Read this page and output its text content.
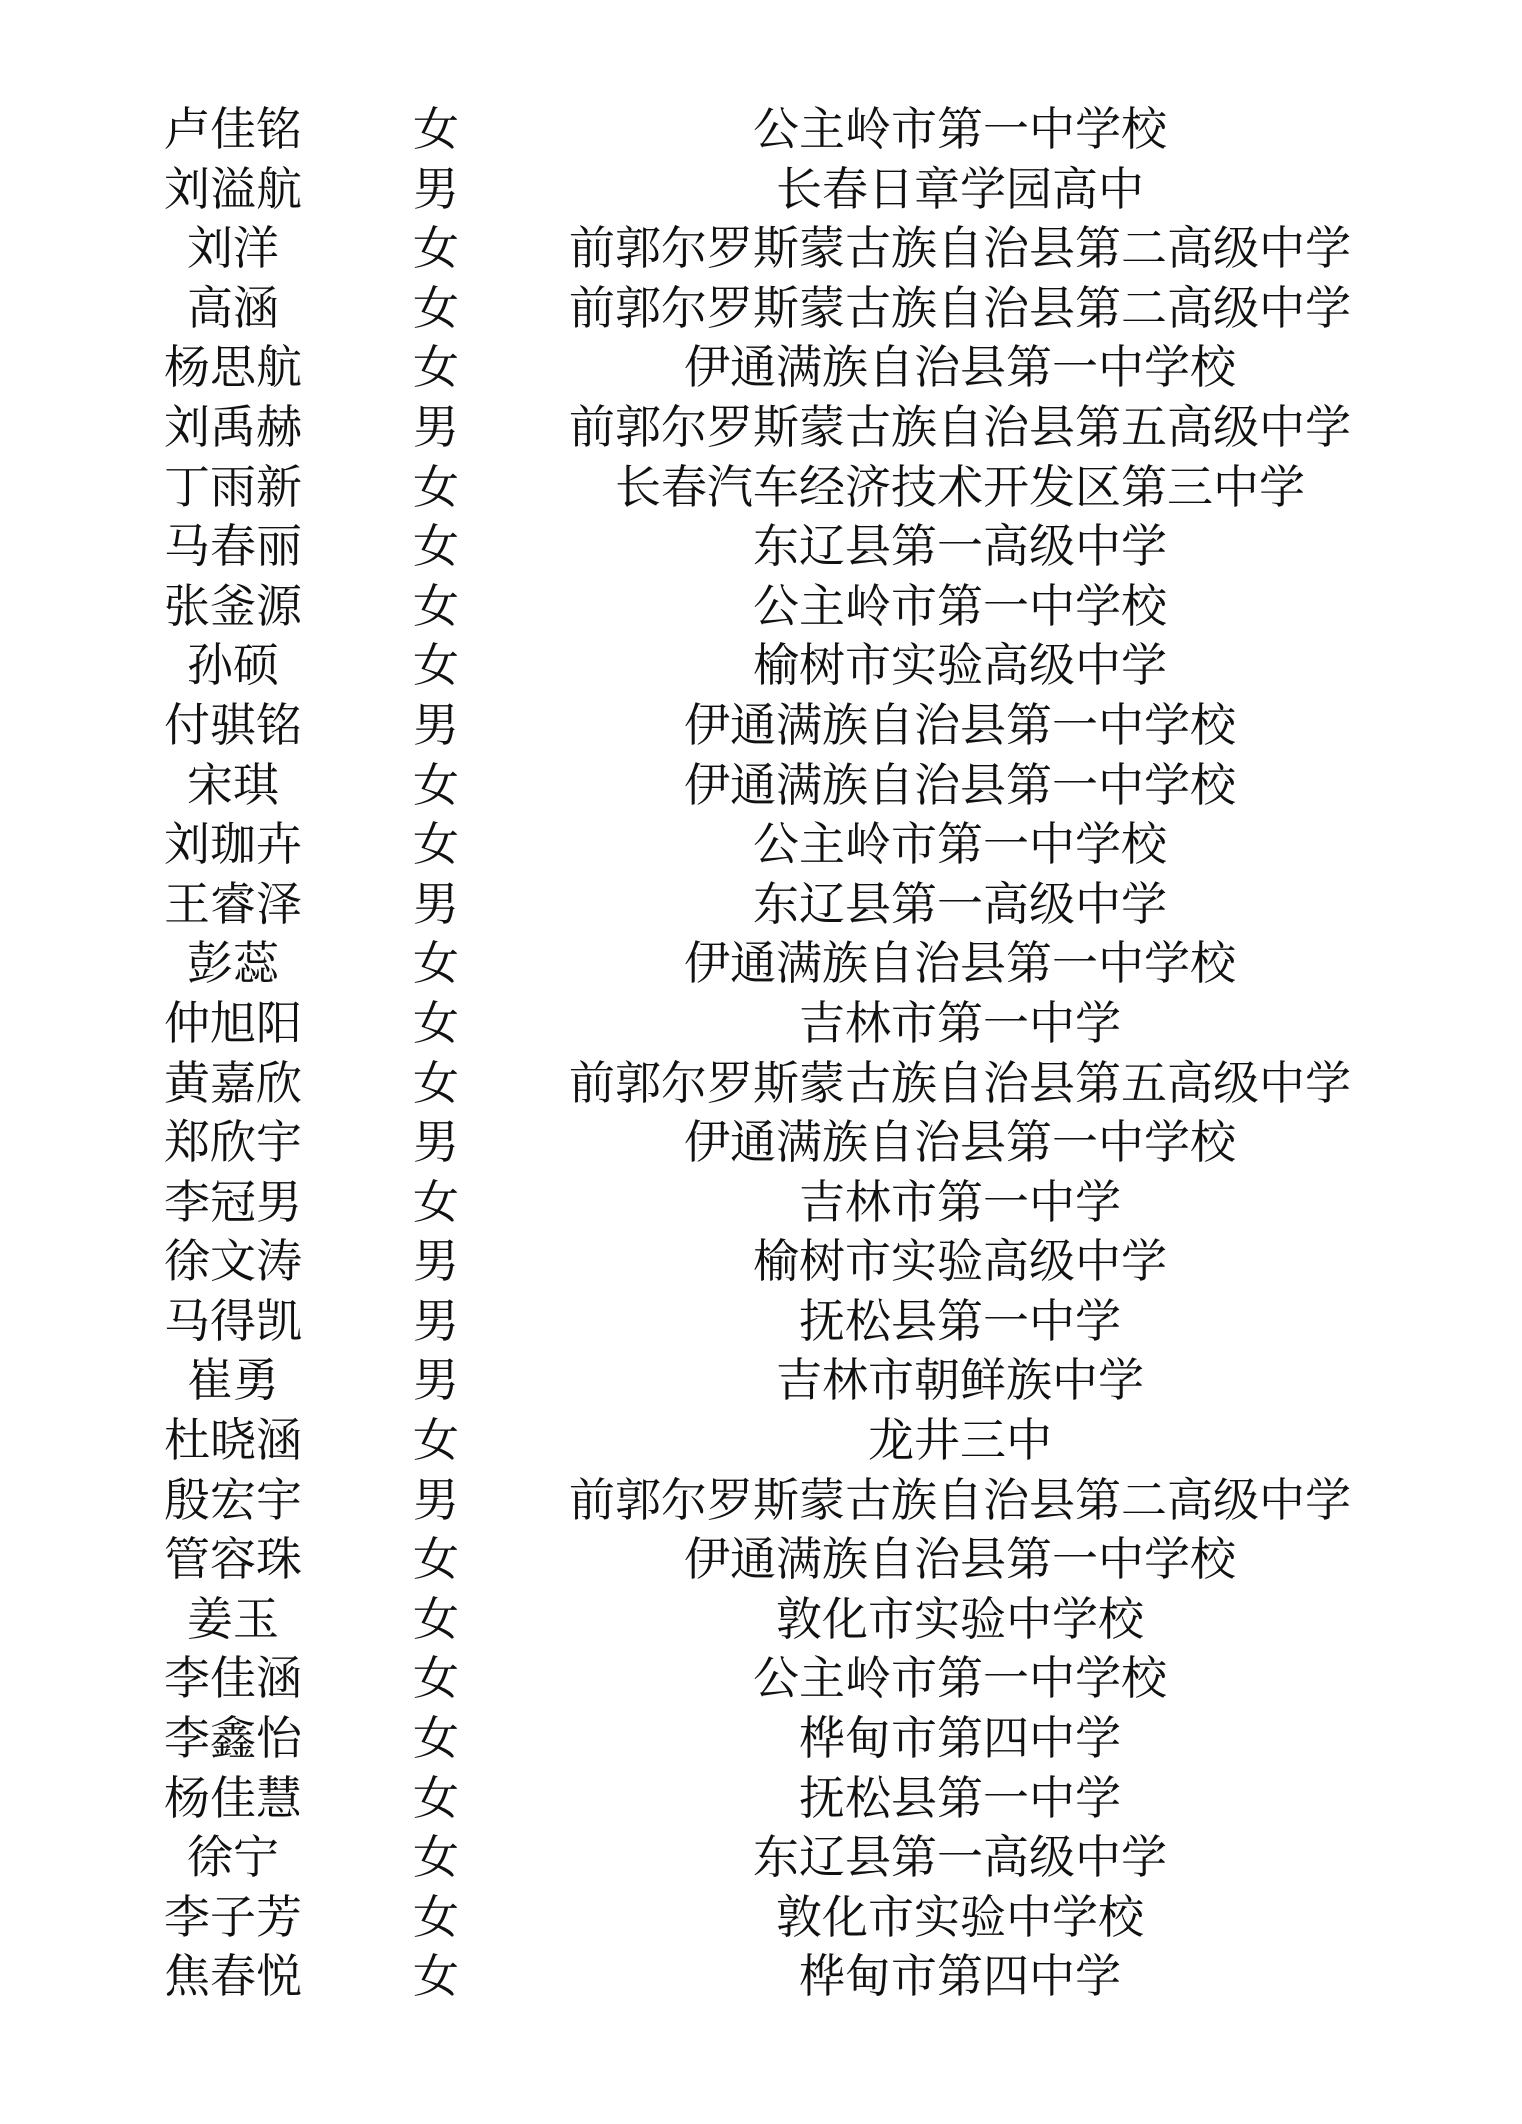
卢佳铭	女	公主岭市第一中学校
刘溢航	男	长春日章学园高中
刘洋	女	前郭尔罗斯蒙古族自治县第二高级中学
高涵	女	前郭尔罗斯蒙古族自治县第二高级中学
杨思航	女	伊通满族自治县第一中学校
刘禹赫	男	前郭尔罗斯蒙古族自治县第五高级中学
丁雨新	女	长春汽车经济技术开发区第三中学
马春丽	女	东辽县第一高级中学
张釜源	女	公主岭市第一中学校
孙硕	女	榆树市实验高级中学
付骐铭	男	伊通满族自治县第一中学校
宋琪	女	伊通满族自治县第一中学校
刘珈卉	女	公主岭市第一中学校
王睿泽	男	东辽县第一高级中学
彭蕊	女	伊通满族自治县第一中学校
仲旭阳	女	吉林市第一中学
黄嘉欣	女	前郭尔罗斯蒙古族自治县第五高级中学
郑欣宇	男	伊通满族自治县第一中学校
李冠男	女	吉林市第一中学
徐文涛	男	榆树市实验高级中学
马得凯	男	抚松县第一中学
崔勇	男	吉林市朝鲜族中学
杜晓涵	女	龙井三中
殷宏宇	男	前郭尔罗斯蒙古族自治县第二高级中学
管容珠	女	伊通满族自治县第一中学校
姜玉	女	敦化市实验中学校
李佳涵	女	公主岭市第一中学校
李鑫怡	女	桦甸市第四中学
杨佳慧	女	抚松县第一中学
徐宁	女	东辽县第一高级中学
李子芳	女	敦化市实验中学校
焦春悦	女	桦甸市第四中学
